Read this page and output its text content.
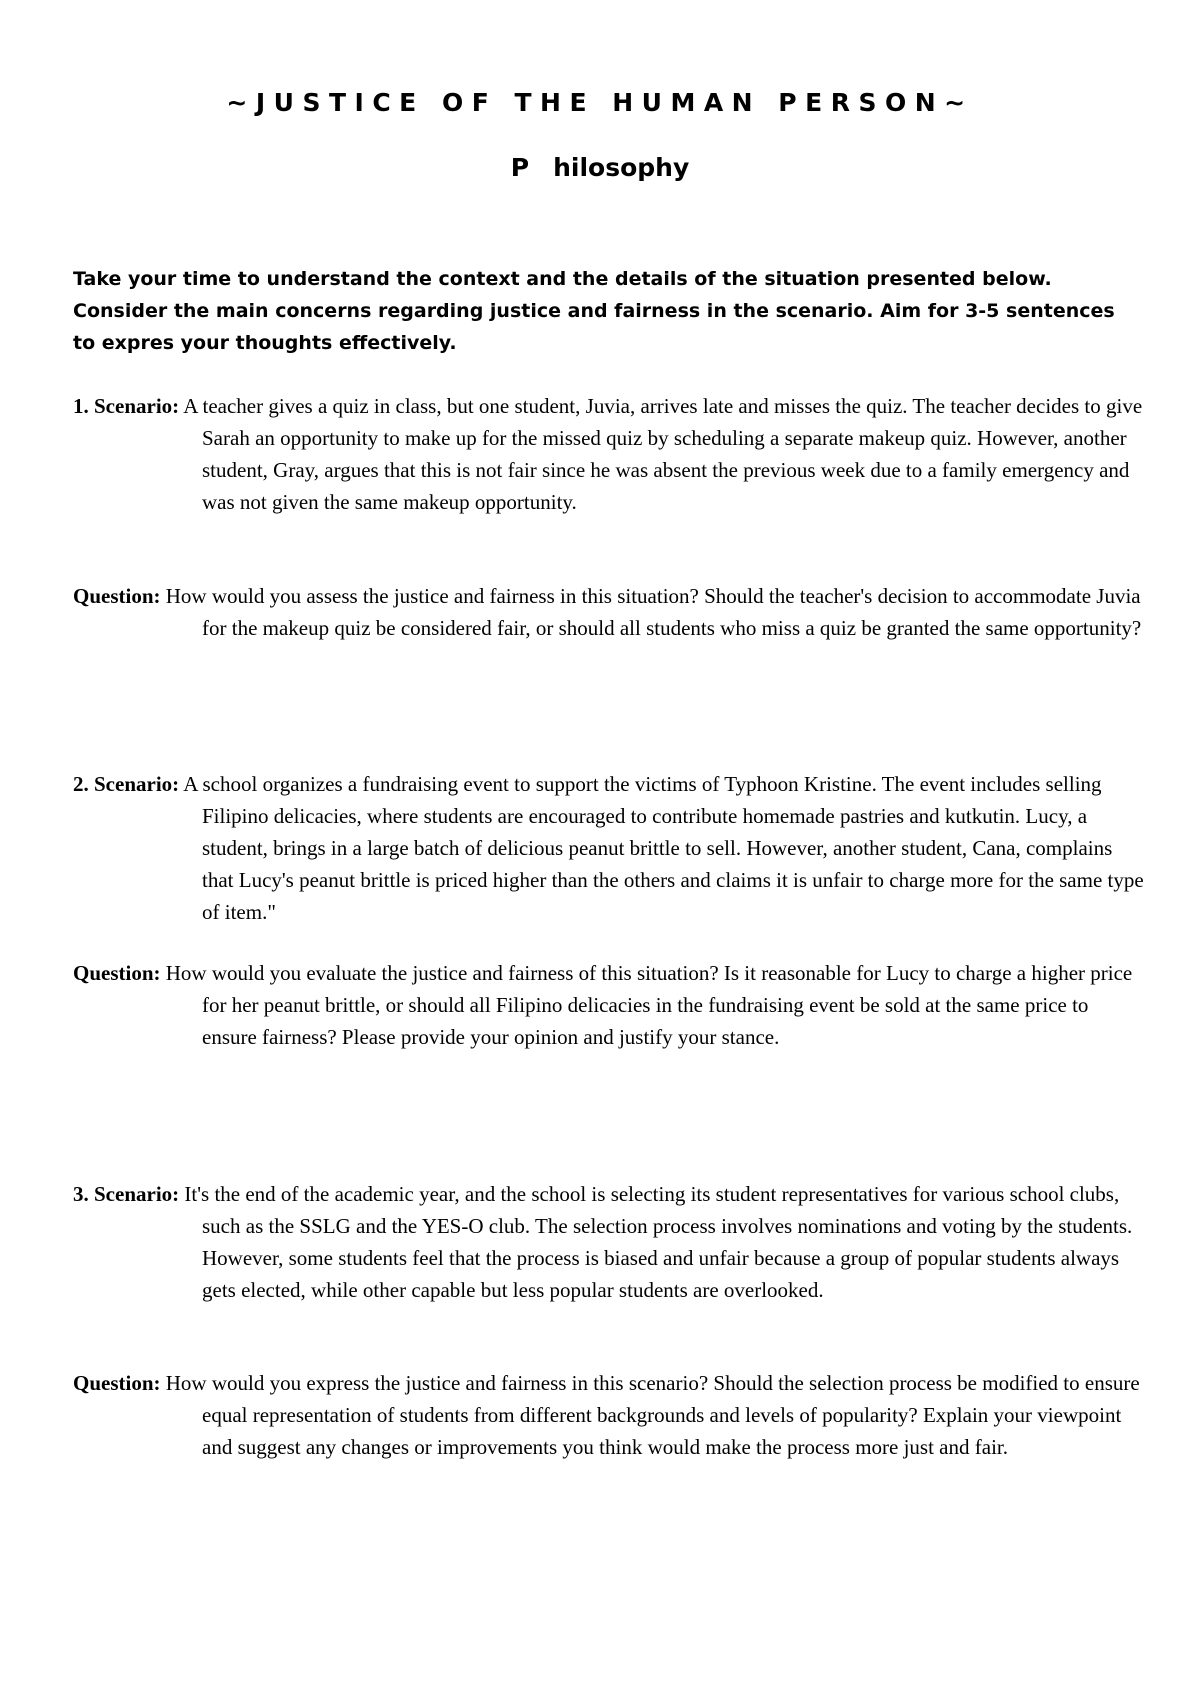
~JUSTICE OF THE HUMAN PERSON~
P hilosophy
Take your time to understand the context and the details of the situation presented below. Consider the main concerns regarding justice and fairness in the scenario. Aim for 3-5 sentences to expres your thoughts effectively.
1. Scenario: A teacher gives a quiz in class, but one student, Juvia, arrives late and misses the quiz. The teacher decides to give Sarah an opportunity to make up for the missed quiz by scheduling a separate makeup quiz. However, another student, Gray, argues that this is not fair since he was absent the previous week due to a family emergency and was not given the same makeup opportunity.
Question: How would you assess the justice and fairness in this situation? Should the teacher's decision to accommodate Juvia for the makeup quiz be considered fair, or should all students who miss a quiz be granted the same opportunity?
2. Scenario: A school organizes a fundraising event to support the victims of Typhoon Kristine. The event includes selling Filipino delicacies, where students are encouraged to contribute homemade pastries and kutkutin. Lucy, a student, brings in a large batch of delicious peanut brittle to sell. However, another student, Cana, complains that Lucy's peanut brittle is priced higher than the others and claims it is unfair to charge more for the same type of item."
Question: How would you evaluate the justice and fairness of this situation? Is it reasonable for Lucy to charge a higher price for her peanut brittle, or should all Filipino delicacies in the fundraising event be sold at the same price to ensure fairness? Please provide your opinion and justify your stance.
3. Scenario: It's the end of the academic year, and the school is selecting its student representatives for various school clubs, such as the SSLG and the YES-O club. The selection process involves nominations and voting by the students. However, some students feel that the process is biased and unfair because a group of popular students always gets elected, while other capable but less popular students are overlooked.
Question: How would you express the justice and fairness in this scenario? Should the selection process be modified to ensure equal representation of students from different backgrounds and levels of popularity? Explain your viewpoint and suggest any changes or improvements you think would make the process more just and fair.
